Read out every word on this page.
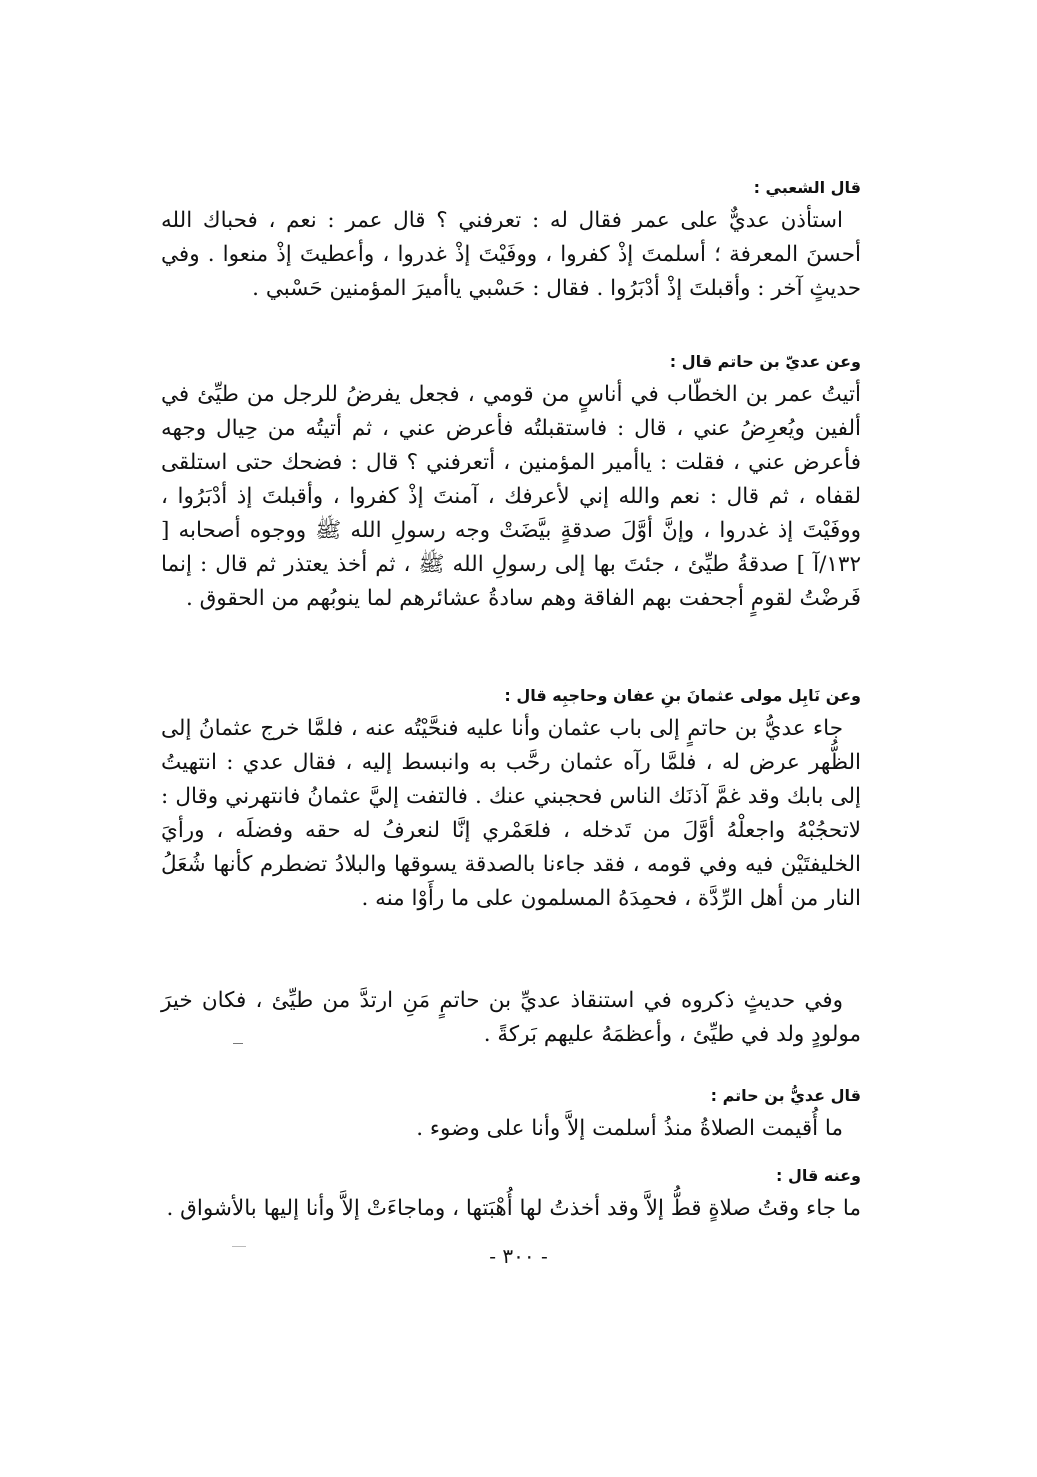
قال الشعبي :

استأذن عديٌّ على عمر فقال له : تعرفني ؟ قال عمر : نعم ، فحباك الله أحسنَ المعرفة ؛ أسلمتَ إذْ كفروا ، ووفَيْتَ إذْ غدروا ، وأعطيتَ إذْ منعوا . وفي حديثٍ آخر : وأقبلتَ إذْ أدْبَرُوا . فقال : حَسْبي ياأميرَ المؤمنين حَسْبي .

وعن عديّ بن حاتم قال :

أتيتُ عمر بن الخطّاب في أناسٍ من قومي ، فجعل يفرضُ للرجل من طيِّئ في ألفين ويُعرِضُ عني ، قال : فاستقبلتُه فأعرض عني ، ثم أتيتُه من حِيال وجهه فأعرض عني ، فقلت : ياأمير المؤمنين ، أتعرفني ؟ قال : فضحك حتى استلقى لقفاه ، ثم قال : نعم والله إني لأعرفك ، آمنتَ إذْ كفروا ، وأقبلتَ إذ أدْبَرُوا ، ووفَيْتَ إذ غدروا ، وإنَّ أوَّلَ صدقةٍ بيَّضَتْ وجه رسولِ الله ﷺ ووجوه أصحابه [ ١٣٢/آ ] صدقةُ طيِّئ ، جئتَ بها إلى رسولِ الله ﷺ ، ثم أخذ يعتذر ثم قال : إنما فَرضْتُ لقومٍ أجحفت بهم الفاقة وهم سادةُ عشائرهم لما ينوبُهم من الحقوق .

وعن نَابِل مولى عثمانَ بنِ عفان وحاجبِه قال :

جاء عديُّ بن حاتمٍ إلى باب عثمان وأنا عليه فنحَّيْتُه عنه ، فلمَّا خرج عثمانُ إلى الظُّهر عرض له ، فلمَّا رآه عثمان رحَّب به وانبسط إليه ، فقال عدي : انتهيتُ إلى بابك وقد غمَّ آذنَك الناس فحجبني عنك . فالتفت إليَّ عثمانُ فانتهرني وقال : لاتحجُبْهُ واجعلْهُ أوَّلَ من تَدخله ، فلعَمْري إنَّا لنعرفُ له حقه وفضلَه ، ورأيَ الخليفتَيْن فيه وفي قومه ، فقد جاءنا بالصدقة يسوقها والبلادُ تضطرم كأنها شُعَلُ النار من أهل الرِّدَّة ، فحمِدَهُ المسلمون على ما رأَوْا منه .

وفي حديثٍ ذكروه في استنقاذ عديِّ بن حاتمٍ مَنِ ارتدَّ من طيِّئ ، فكان خيرَ مولودٍ ولد في طيِّئ ، وأعظمَهُ عليهم بَركةً .

قال عديُّ بن حاتم :

ما أُقيمت الصلاةُ منذُ أسلمت إلاَّ وأنا على وضوء .

وعنه قال :

ما جاء وقتُ صلاةٍ قطُّ إلاَّ وقد أخذتُ لها أُهْبَتها ، وماجاءَتْ إلاَّ وأنا إليها بالأشواق .

- ٣٠٠ -
